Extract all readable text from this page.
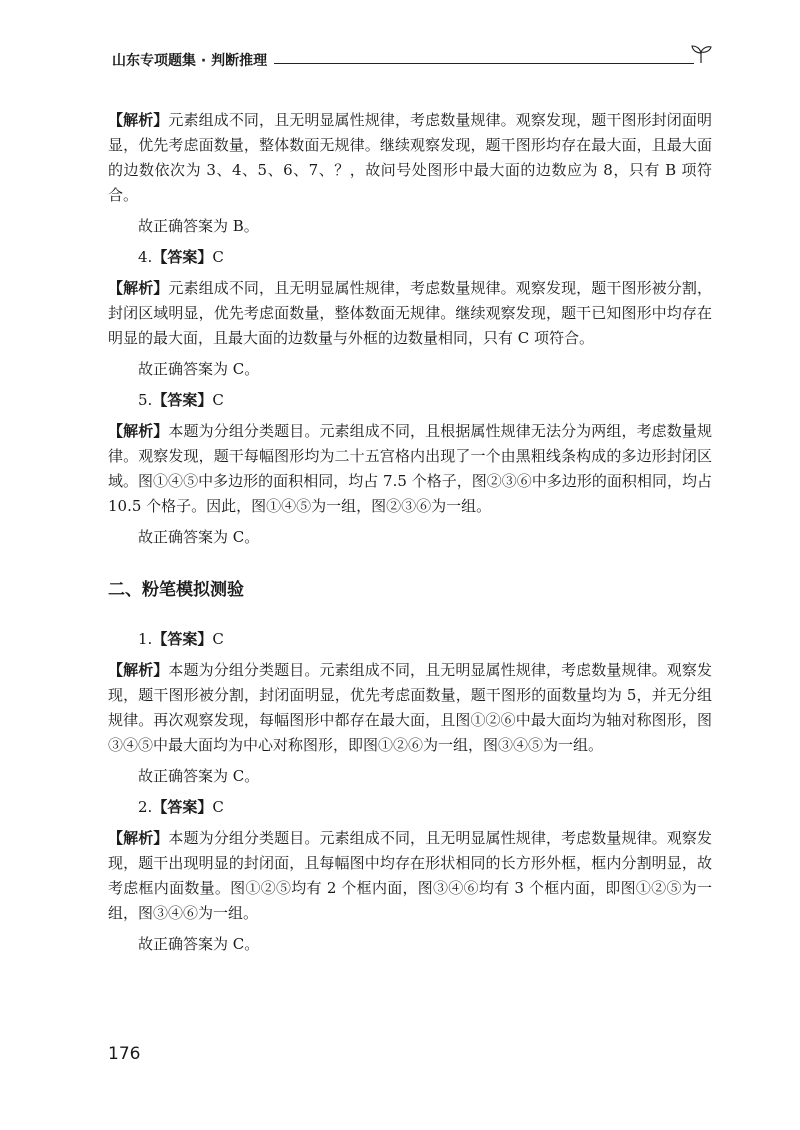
山东专项题集 · 判断推理

【解析】元素组成不同，且无明显属性规律，考虑数量规律。观察发现，题干图形封闭面明显，优先考虑面数量，整体数面无规律。继续观察发现，题干图形均存在最大面，且最大面的边数依次为 3、4、5、6、7、？，故问号处图形中最大面的边数应为 8，只有 B 项符合。

故正确答案为 B。

4.【答案】C

【解析】元素组成不同，且无明显属性规律，考虑数量规律。观察发现，题干图形被分割，封闭区域明显，优先考虑面数量，整体数面无规律。继续观察发现，题干已知图形中均存在明显的最大面，且最大面的边数量与外框的边数量相同，只有 C 项符合。

故正确答案为 C。

5.【答案】C

【解析】本题为分组分类题目。元素组成不同，且根据属性规律无法分为两组，考虑数量规律。观察发现，题干每幅图形均为二十五宫格内出现了一个由黑粗线条构成的多边形封闭区域。图①④⑤中多边形的面积相同，均占 7.5 个格子，图②③⑥中多边形的面积相同，均占 10.5 个格子。因此，图①④⑤为一组，图②③⑥为一组。

故正确答案为 C。

二、粉笔模拟测验

1.【答案】C

【解析】本题为分组分类题目。元素组成不同，且无明显属性规律，考虑数量规律。观察发现，题干图形被分割，封闭面明显，优先考虑面数量，题干图形的面数量均为 5，并无分组规律。再次观察发现，每幅图形中都存在最大面，且图①②⑥中最大面均为轴对称图形，图③④⑤中最大面均为中心对称图形，即图①②⑥为一组，图③④⑤为一组。

故正确答案为 C。

2.【答案】C

【解析】本题为分组分类题目。元素组成不同，且无明显属性规律，考虑数量规律。观察发现，题干出现明显的封闭面，且每幅图中均存在形状相同的长方形外框，框内分割明显，故考虑框内面数量。图①②⑤均有 2 个框内面，图③④⑥均有 3 个框内面，即图①②⑤为一组，图③④⑥为一组。

故正确答案为 C。

176
